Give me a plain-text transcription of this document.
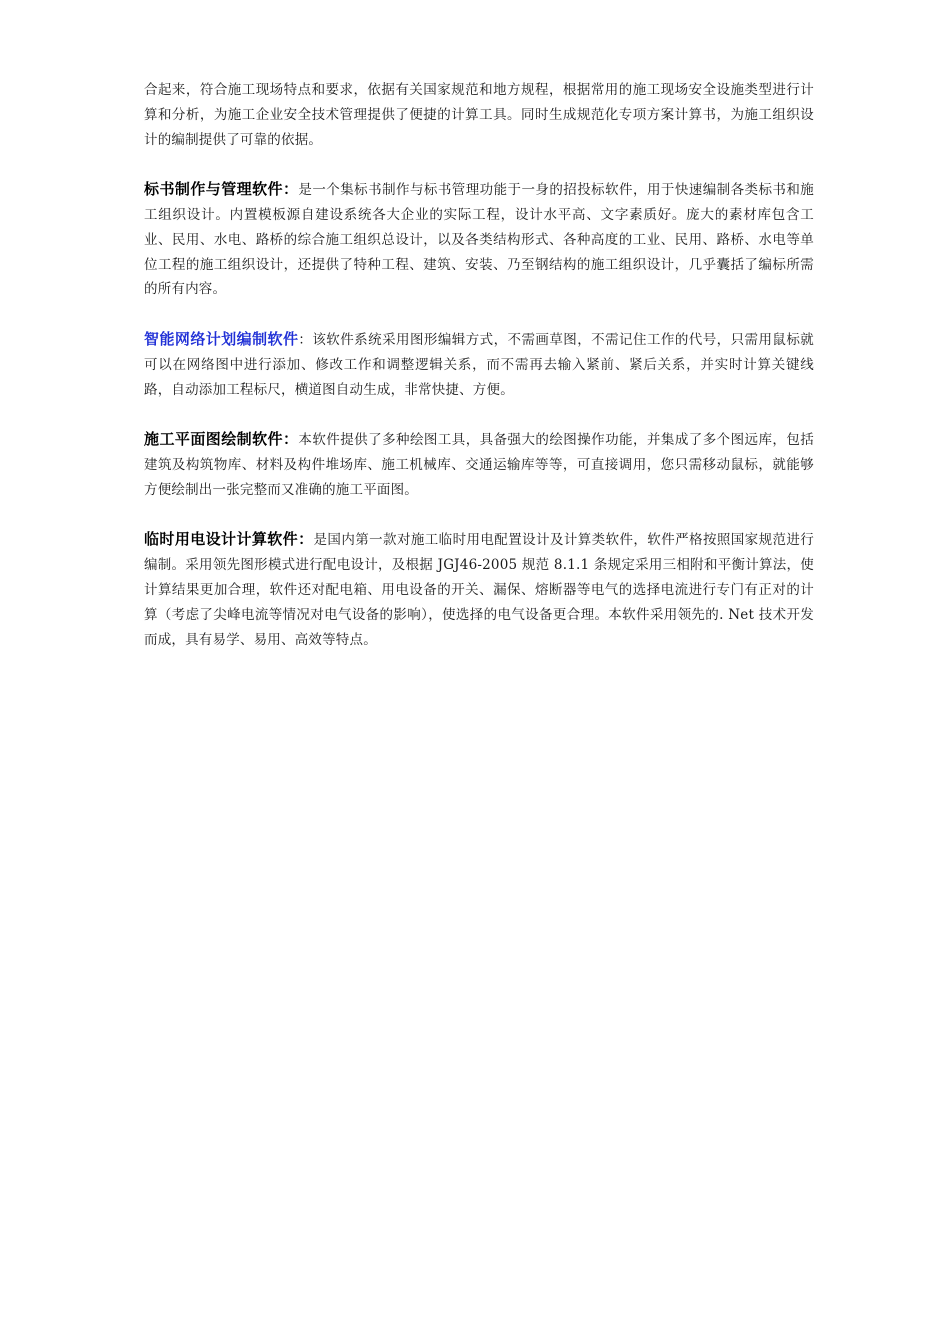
合起来，符合施工现场特点和要求，依据有关国家规范和地方规程，根据常用的施工现场安全设施类型进行计算和分析，为施工企业安全技术管理提供了便捷的计算工具。同时生成规范化专项方案计算书，为施工组织设计的编制提供了可靠的依据。

标书制作与管理软件：是一个集标书制作与标书管理功能于一身的招投标软件，用于快速编制各类标书和施工组织设计。内置模板源自建设系统各大企业的实际工程，设计水平高、文字素质好。庞大的素材库包含工业、民用、水电、路桥的综合施工组织总设计，以及各类结构形式、各种高度的工业、民用、路桥、水电等单位工程的施工组织设计，还提供了特种工程、建筑、安装、乃至钢结构的施工组织设计，几乎囊括了编标所需的所有内容。

智能网络计划编制软件：该软件系统采用图形编辑方式，不需画草图，不需记住工作的代号，只需用鼠标就可以在网络图中进行添加、修改工作和调整逻辑关系，而不需再去输入紧前、紧后关系，并实时计算关键线路，自动添加工程标尺，横道图自动生成，非常快捷、方便。

施工平面图绘制软件：本软件提供了多种绘图工具，具备强大的绘图操作功能，并集成了多个图远库，包括建筑及构筑物库、材料及构件堆场库、施工机械库、交通运输库等等，可直接调用，您只需移动鼠标，就能够方便绘制出一张完整而又准确的施工平面图。

临时用电设计计算软件：是国内第一款对施工临时用电配置设计及计算类软件，软件严格按照国家规范进行编制。采用领先图形模式进行配电设计，及根据 JGJ46-2005 规范 8.1.1 条规定采用三相附和平衡计算法，使计算结果更加合理，软件还对配电箱、用电设备的开关、漏保、熔断器等电气的选择电流进行专门有正对的计算（考虑了尖峰电流等情况对电气设备的影响），使选择的电气设备更合理。本软件采用领先的. Net 技术开发而成，具有易学、易用、高效等特点。
